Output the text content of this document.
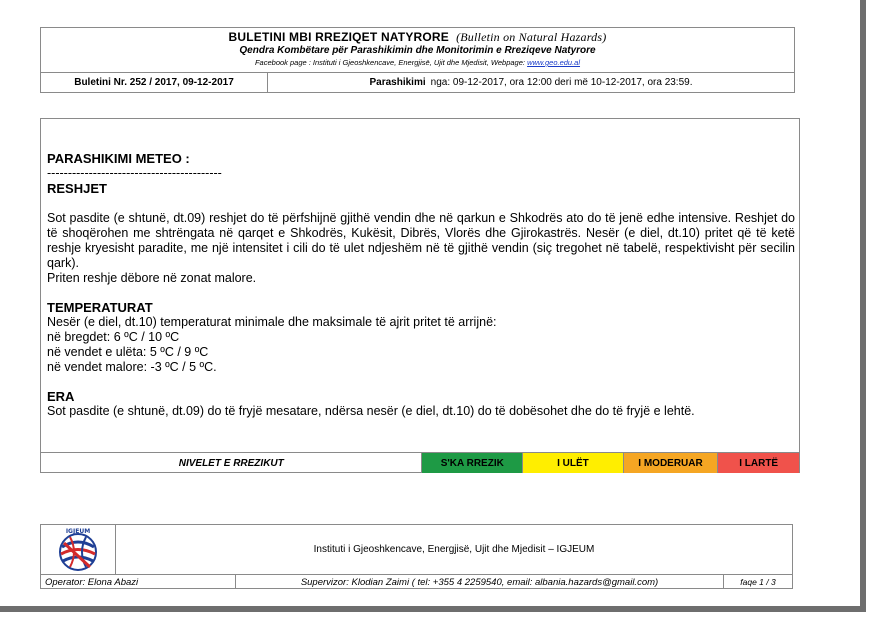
BULETINI MBI RREZIQET NATYRORE (Bulletin on Natural Hazards)
Qendra Kombëtare për Parashikimin dhe Monitorimin e Rreziqeve Natyrore
Facebook page : Instituti i Gjeoshkencave, Energjisë, Ujit dhe Mjedisit, Webpage: www.geo.edu.al
Buletini Nr. 252 / 2017, 09-12-2017	Parashikimi nga: 09-12-2017, ora 12:00 deri më 10-12-2017, ora 23:59.
PARASHIKIMI METEO :
------------------------------------------
RESHJET
Sot pasdite (e shtunë, dt.09) reshjet do të përfshijnë gjithë vendin dhe në qarkun e Shkodrës ato do të jenë edhe intensive. Reshjet do të shoqërohen me shtrëngata në qarqet e Shkodrës, Kukësit, Dibrës, Vlorës dhe Gjirokastrës. Nesër (e diel, dt.10) pritet që të ketë reshje kryesisht paradite, me një intensitet i cili do të ulet ndjeshëm në të gjithë vendin (siç tregohet në tabelë, respektivisht për secilin qark).
Priten reshje dëbore në zonat malore.
TEMPERATURAT
Nesër (e diel, dt.10) temperaturat minimale dhe maksimale të ajrit pritet të arrijnë:
në bregdet: 6 ºC / 10 ºC
në vendet e ulëta: 5 ºC / 9 ºC
në vendet malore: -3 ºC / 5 ºC.
ERA
Sot pasdite (e shtunë, dt.09) do të fryjë mesatare, ndërsa nesër (e diel, dt.10) do të dobësohet dhe do të fryjë e lehtë.
NIVELET E RREZIKUT	S'KA RREZIK	I ULËT	I MODERUAR	I LARTË
IGJEUM
Instituti i Gjeoshkencave, Energjisë, Ujit dhe Mjedisit – IGJEUM
Operator: Elona Abazi	Supervizor: Klodian Zaimi ( tel: +355 4 2259540, email: albania.hazards@gmail.com)	faqe 1 / 3
